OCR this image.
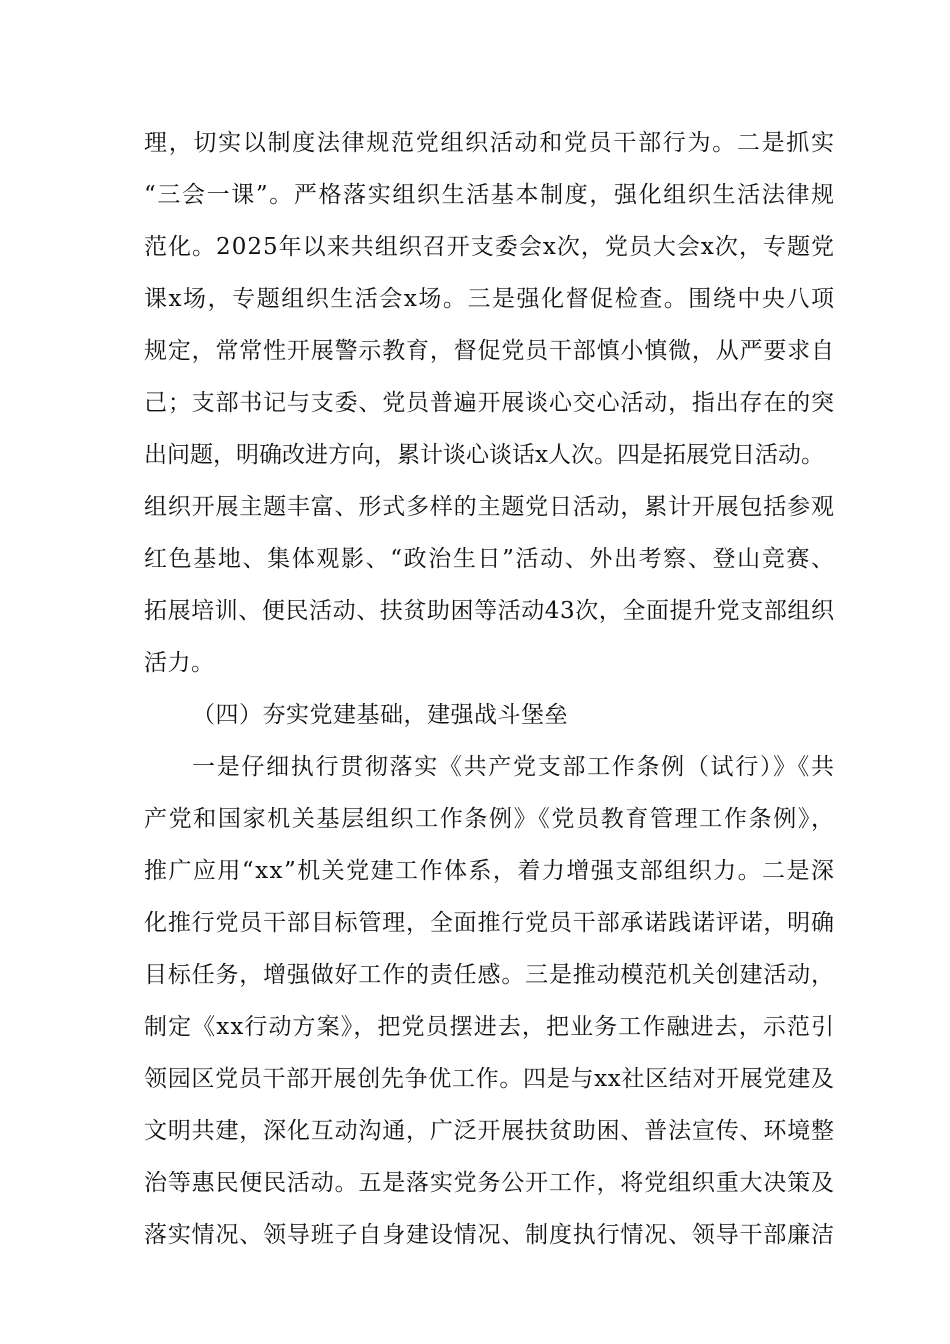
理，切实以制度法律规范党组织活动和党员干部行为。二是抓实
“三会一课”。严格落实组织生活基本制度，强化组织生活法律规
范化。2025年以来共组织召开支委会x次，党员大会x次，专题党
课x场，专题组织生活会x场。三是强化督促检查。围绕中央八项
规定，常常性开展警示教育，督促党员干部慎小慎微，从严要求自
己；支部书记与支委、党员普遍开展谈心交心活动，指出存在的突
出问题，明确改进方向，累计谈心谈话x人次。四是拓展党日活动。
组织开展主题丰富、形式多样的主题党日活动，累计开展包括参观
红色基地、集体观影、“政治生日”活动、外出考察、登山竞赛、
拓展培训、便民活动、扶贫助困等活动43次，全面提升党支部组织
活力。
（四）夯实党建基础，建强战斗堡垒
一是仔细执行贯彻落实《共产党支部工作条例（试行）》《共
产党和国家机关基层组织工作条例》《党员教育管理工作条例》，
推广应用“xx”机关党建工作体系，着力增强支部组织力。二是深
化推行党员干部目标管理，全面推行党员干部承诺践诺评诺，明确
目标任务，增强做好工作的责任感。三是推动模范机关创建活动，
制定《xx行动方案》，把党员摆进去，把业务工作融进去，示范引
领园区党员干部开展创先争优工作。四是与xx社区结对开展党建及
文明共建，深化互动沟通，广泛开展扶贫助困、普法宣传、环境整
治等惠民便民活动。五是落实党务公开工作，将党组织重大决策及
落实情况、领导班子自身建设情况、制度执行情况、领导干部廉洁
